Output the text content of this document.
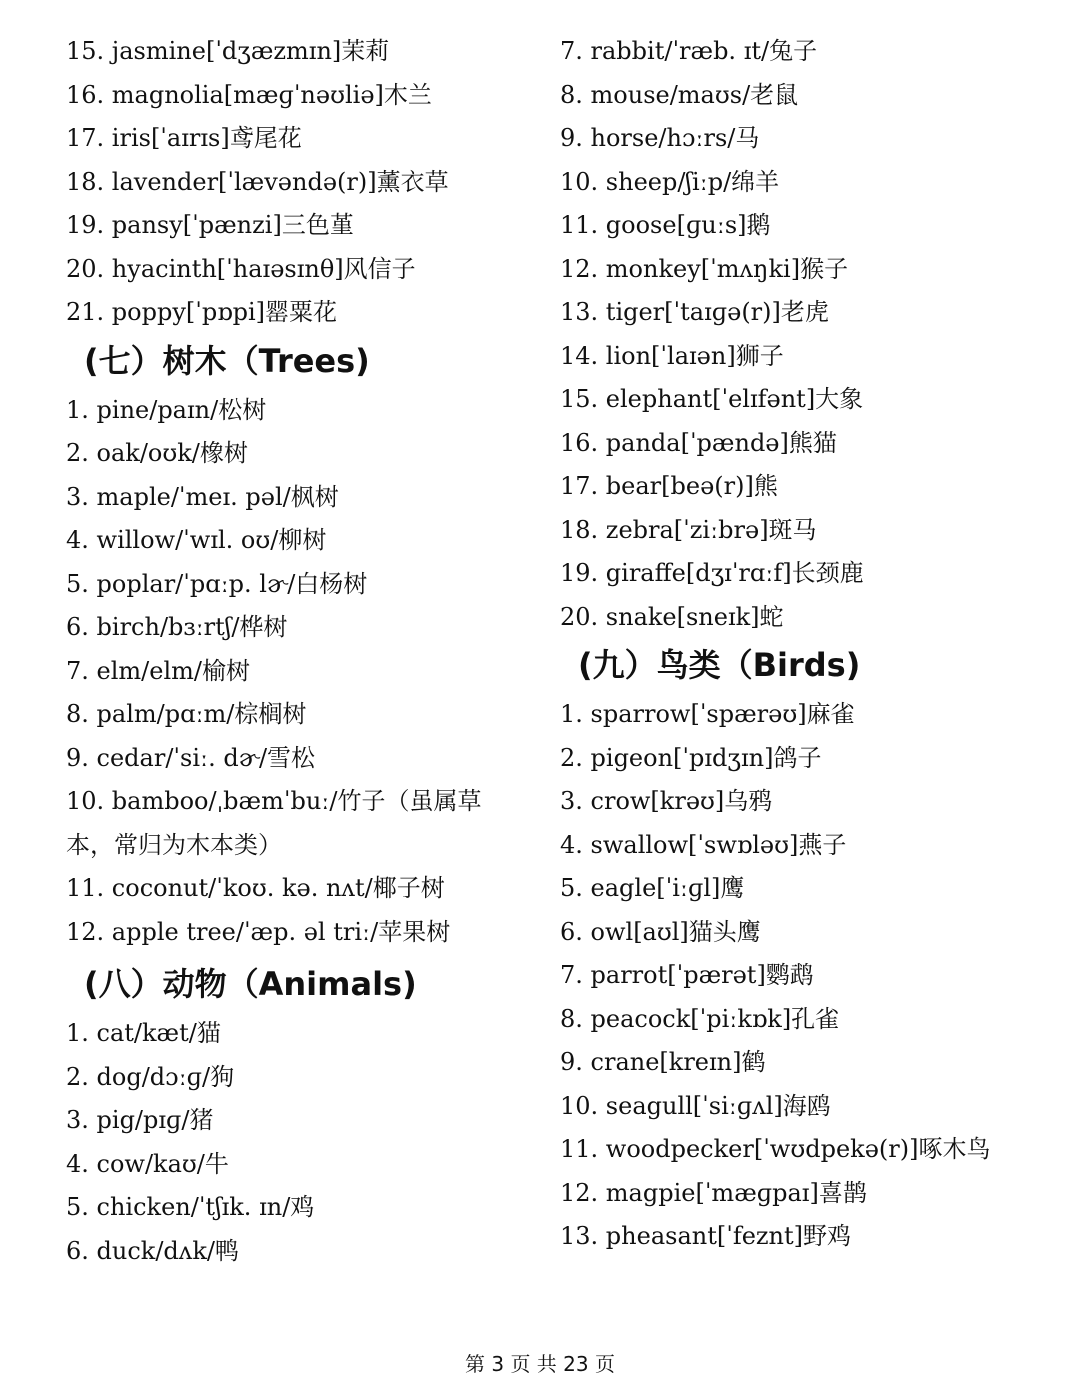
15. jasmine[ˈdʒæzmɪn]茉莉
16. magnolia[mæɡˈnəʊliə]木兰
17. iris[ˈaɪrɪs]鸢尾花
18. lavender[ˈlævəndə(r)]薰衣草
19. pansy[ˈpænzi]三色堇
20. hyacinth[ˈhaɪəsɪnθ]风信子
21. poppy[ˈpɒpi]罂粟花
(七）树木（Trees)
1. pine/paɪn/松树
2. oak/oʊk/橡树
3. maple/ˈmeɪ. pəl/枫树
4. willow/ˈwɪl. oʊ/柳树
5. poplar/ˈpɑːp. lɚ/白杨树
6. birch/bɜːrtʃ/桦树
7. elm/elm/榆树
8. palm/pɑːm/棕榈树
9. cedar/ˈsiː. dɚ/雪松
10. bamboo/ˌbæmˈbuː/竹子（虽属草本，常归为木本类）
11. coconut/ˈkoʊ. kə. nʌt/椰子树
12. apple tree/ˈæp. əl triː/苹果树
(八）动物（Animals)
1. cat/kæt/猫
2. dog/dɔːɡ/狗
3. pig/pɪɡ/猪
4. cow/kaʊ/牛
5. chicken/ˈtʃɪk. ɪn/鸡
6. duck/dʌk/鸭
7. rabbit/ˈræb. ɪt/兔子
8. mouse/maʊs/老鼠
9. horse/hɔːrs/马
10. sheep/ʃiːp/绵羊
11. goose[ɡuːs]鹅
12. monkey[ˈmʌŋki]猴子
13. tiger[ˈtaɪɡə(r)]老虎
14. lion[ˈlaɪən]狮子
15. elephant[ˈelɪfənt]大象
16. panda[ˈpændə]熊猫
17. bear[beə(r)]熊
18. zebra[ˈziːbrə]斑马
19. giraffe[dʒɪˈrɑːf]长颈鹿
20. snake[sneɪk]蛇
(九）鸟类（Birds)
1. sparrow[ˈspærəʊ]麻雀
2. pigeon[ˈpɪdʒɪn]鸽子
3. crow[krəʊ]乌鸦
4. swallow[ˈswɒləʊ]燕子
5. eagle[ˈiːɡl]鹰
6. owl[aʊl]猫头鹰
7. parrot[ˈpærət]鹦鹉
8. peacock[ˈpiːkɒk]孔雀
9. crane[kreɪn]鹤
10. seagull[ˈsiːɡʌl]海鸥
11. woodpecker[ˈwʊdpekə(r)]啄木鸟
12. magpie[ˈmæɡpaɪ]喜鹊
13. pheasant[ˈfeznt]野鸡
第 3 页 共 23 页
